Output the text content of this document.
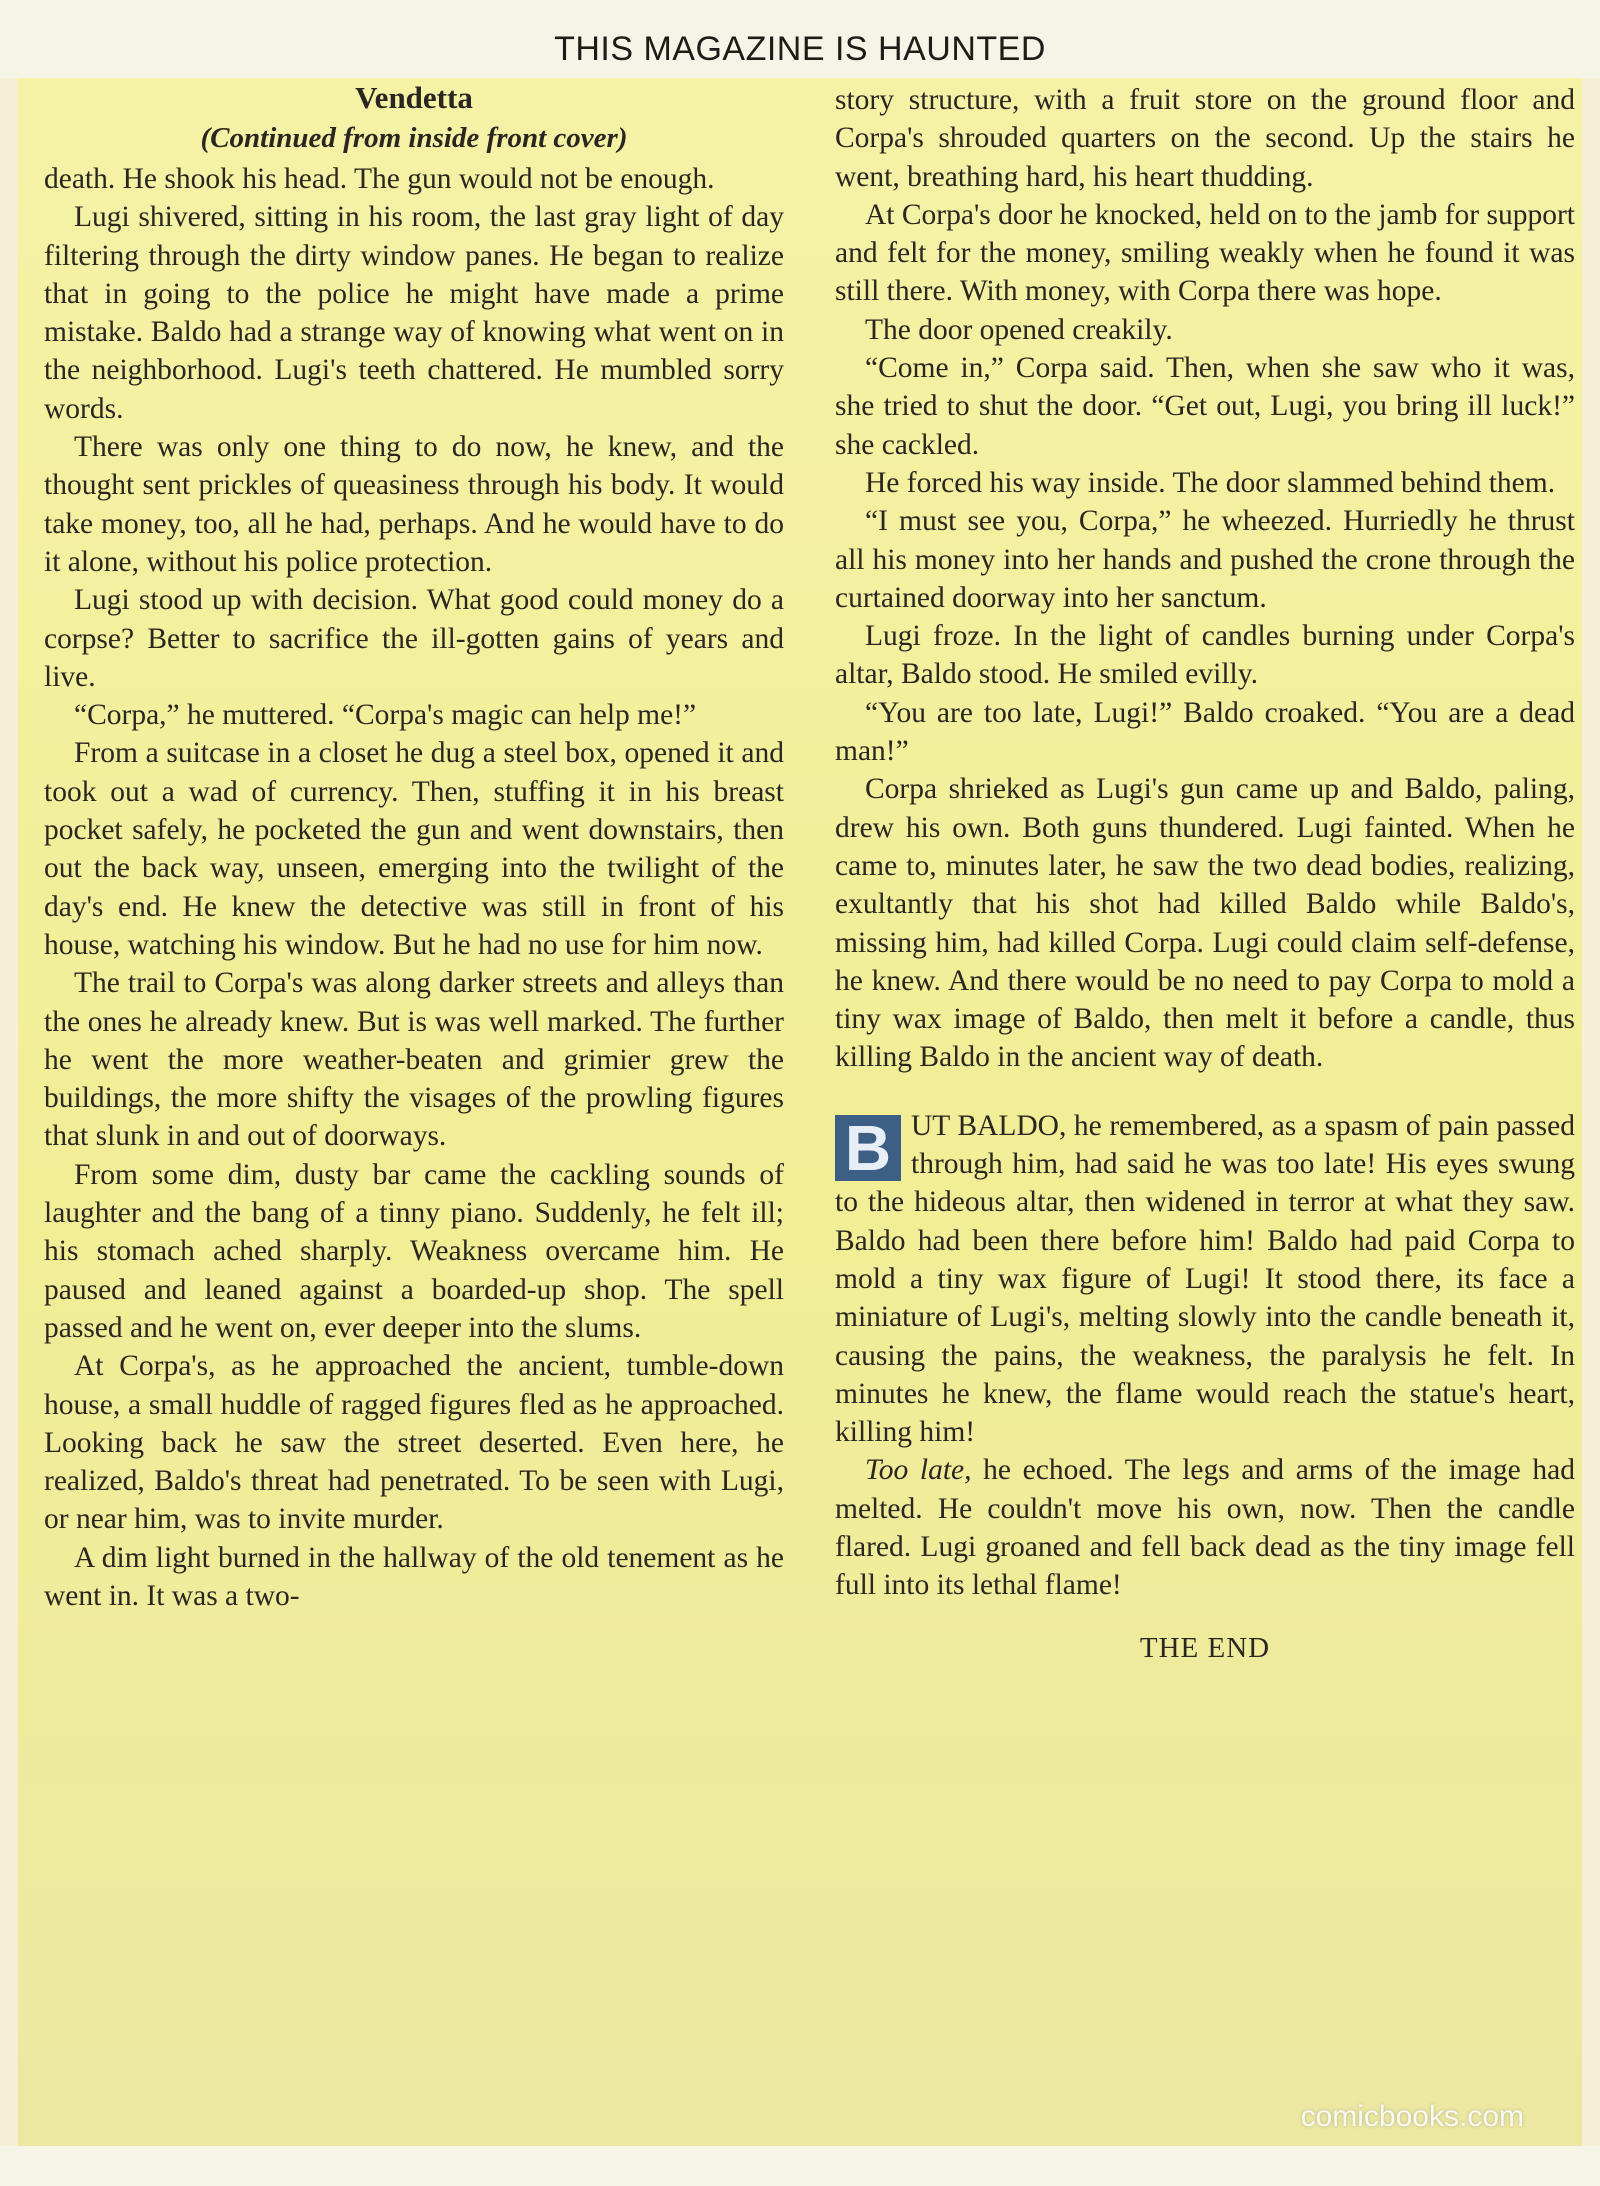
THIS MAGAZINE IS HAUNTED
Vendetta
(Continued from inside front cover)

death. He shook his head. The gun would not be enough.

Lugi shivered, sitting in his room, the last gray light of day filtering through the dirty window panes. He began to realize that in going to the police he might have made a prime mistake. Baldo had a strange way of knowing what went on in the neighborhood. Lugi's teeth chattered. He mumbled sorry words.

There was only one thing to do now, he knew, and the thought sent prickles of queasiness through his body. It would take money, too, all he had, perhaps. And he would have to do it alone, without his police protection.

Lugi stood up with decision. What good could money do a corpse? Better to sacrifice the ill-gotten gains of years and live.

“Corpa,” he muttered. “Corpa's magic can help me!”

From a suitcase in a closet he dug a steel box, opened it and took out a wad of currency. Then, stuffing it in his breast pocket safely, he pocketed the gun and went downstairs, then out the back way, unseen, emerging into the twilight of the day's end. He knew the detective was still in front of his house, watching his window. But he had no use for him now.

The trail to Corpa's was along darker streets and alleys than the ones he already knew. But is was well marked. The further he went the more weather-beaten and grimier grew the buildings, the more shifty the visages of the prowling figures that slunk in and out of doorways.

From some dim, dusty bar came the cackling sounds of laughter and the bang of a tinny piano. Suddenly, he felt ill; his stomach ached sharply. Weakness overcame him. He paused and leaned against a boarded-up shop. The spell passed and he went on, ever deeper into the slums.

At Corpa's, as he approached the ancient, tumble-down house, a small huddle of ragged figures fled as he approached. Looking back he saw the street deserted. Even here, he realized, Baldo's threat had penetrated. To be seen with Lugi, or near him, was to invite murder.

A dim light burned in the hallway of the old tenement as he went in. It was a two-

story structure, with a fruit store on the ground floor and Corpa's shrouded quarters on the second. Up the stairs he went, breathing hard, his heart thudding.

At Corpa's door he knocked, held on to the jamb for support and felt for the money, smiling weakly when he found it was still there. With money, with Corpa there was hope.

The door opened creakily.

“Come in,” Corpa said. Then, when she saw who it was, she tried to shut the door. “Get out, Lugi, you bring ill luck!” she cackled.

He forced his way inside. The door slammed behind them.

“I must see you, Corpa,” he wheezed. Hurriedly he thrust all his money into her hands and pushed the crone through the curtained doorway into her sanctum.

Lugi froze. In the light of candles burning under Corpa's altar, Baldo stood. He smiled evilly.

“You are too late, Lugi!” Baldo croaked. “You are a dead man!”

Corpa shrieked as Lugi's gun came up and Baldo, paling, drew his own. Both guns thundered. Lugi fainted. When he came to, minutes later, he saw the two dead bodies, realizing, exultantly that his shot had killed Baldo while Baldo's, missing him, had killed Corpa. Lugi could claim self-defense, he knew. And there would be no need to pay Corpa to mold a tiny wax image of Baldo, then melt it before a candle, thus killing Baldo in the ancient way of death.

B UT BALDO, he remembered, as a spasm of pain passed through him, had said he was too late! His eyes swung to the hideous altar, then widened in terror at what they saw. Baldo had been there before him! Baldo had paid Corpa to mold a tiny wax figure of Lugi! It stood there, its face a miniature of Lugi's, melting slowly into the candle beneath it, causing the pains, the weakness, the paralysis he felt. In minutes he knew, the flame would reach the statue's heart, killing him!

Too late, he echoed. The legs and arms of the image had melted. He couldn't move his own, now. Then the candle flared. Lugi groaned and fell back dead as the tiny image fell full into its lethal flame!

THE END
comicbooks.com
